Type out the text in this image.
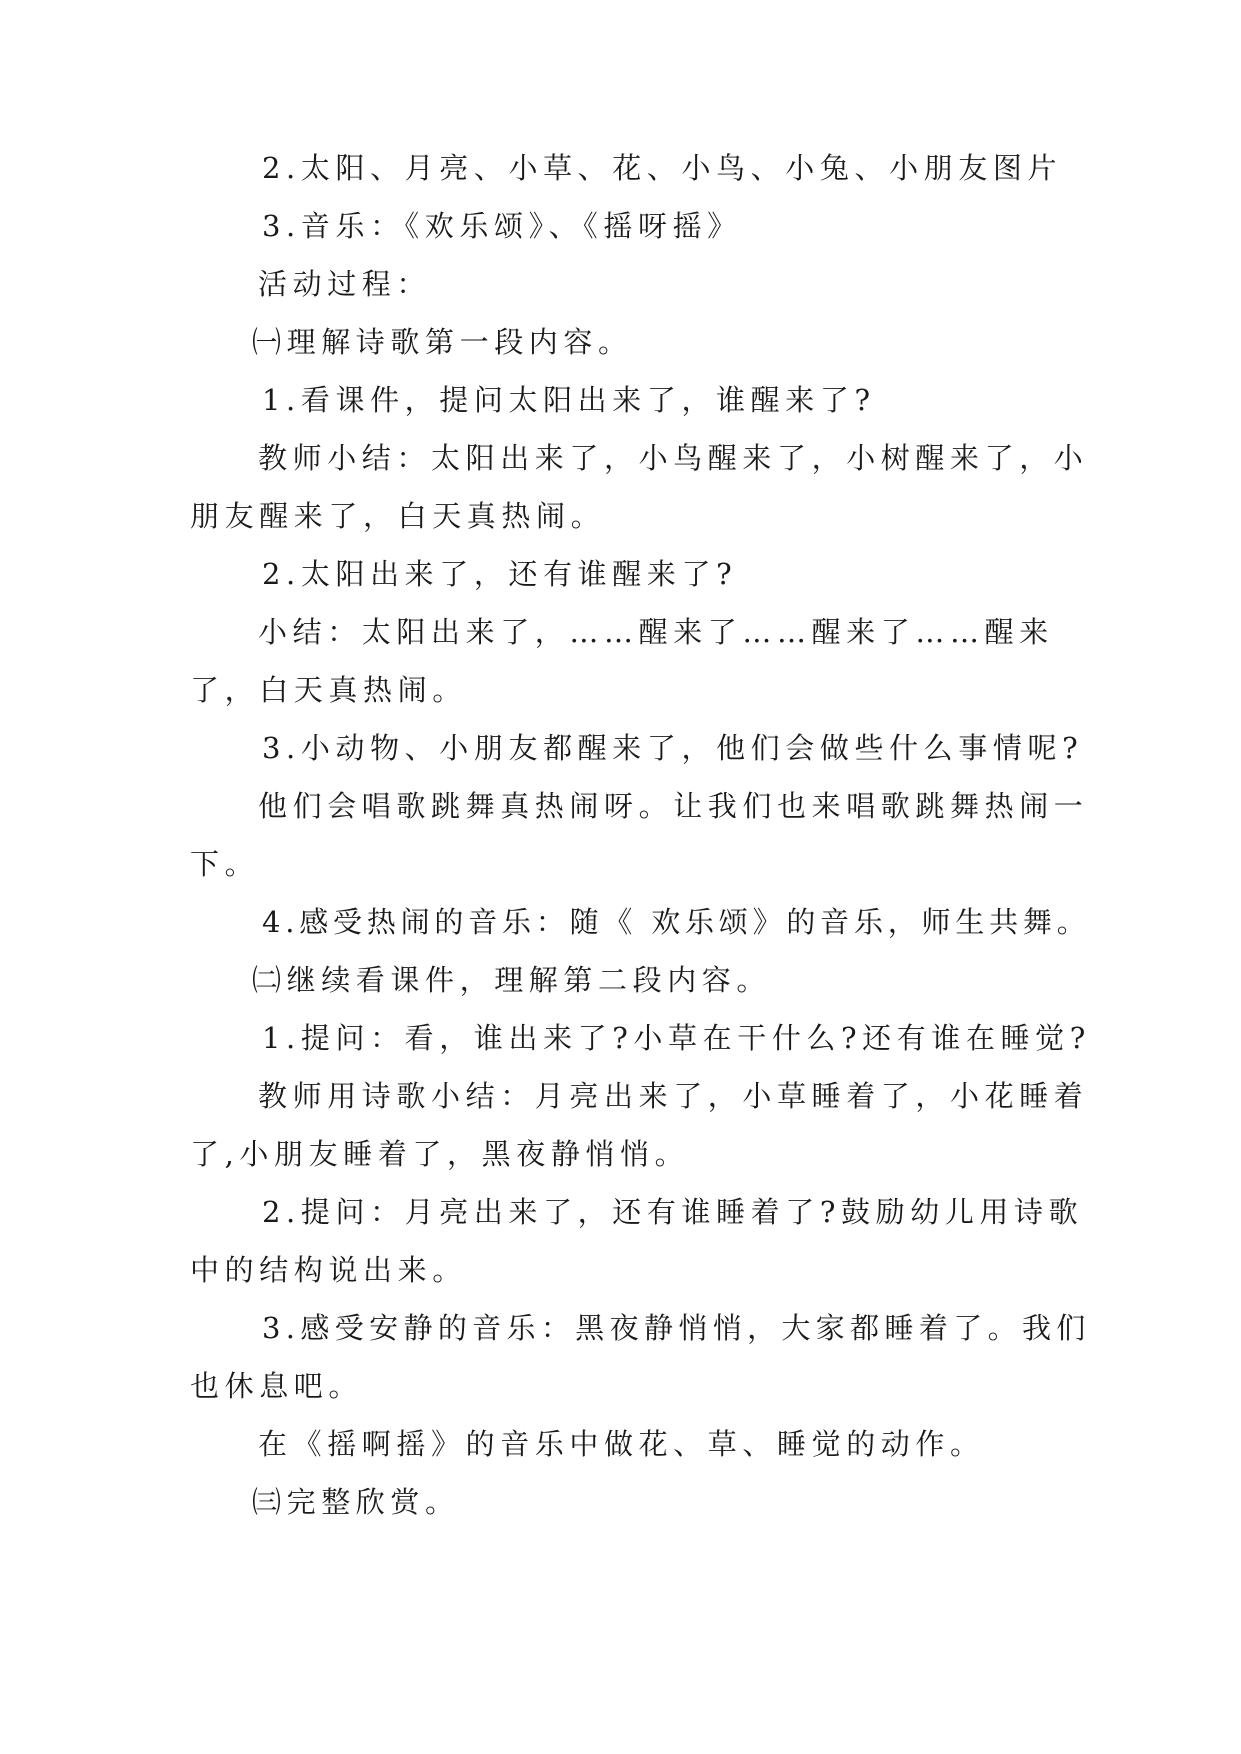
2.太阳、月亮、小草、花、小鸟、小兔、小朋友图片

3.音乐：《欢乐颂》、《摇呀摇》

活动过程：

㈠理解诗歌第一段内容。

1.看课件，提问太阳出来了，谁醒来了?

教师小结：太阳出来了，小鸟醒来了，小树醒来了，小

朋友醒来了，白天真热闹。

2.太阳出来了，还有谁醒来了?

小结：太阳出来了，……醒来了……醒来了……醒来

了，白天真热闹。

3.小动物、小朋友都醒来了，他们会做些什么事情呢?

他们会唱歌跳舞真热闹呀。让我们也来唱歌跳舞热闹一

下。

4.感受热闹的音乐：随《 欢乐颂》的音乐，师生共舞。

㈡继续看课件，理解第二段内容。

1.提问：看，谁出来了?小草在干什么?还有谁在睡觉?

教师用诗歌小结：月亮出来了，小草睡着了，小花睡着

了,小朋友睡着了，黑夜静悄悄。

2.提问：月亮出来了，还有谁睡着了?鼓励幼儿用诗歌

中的结构说出来。

3.感受安静的音乐：黑夜静悄悄，大家都睡着了。我们

也休息吧。

在《摇啊摇》的音乐中做花、草、睡觉的动作。

㈢完整欣赏。
